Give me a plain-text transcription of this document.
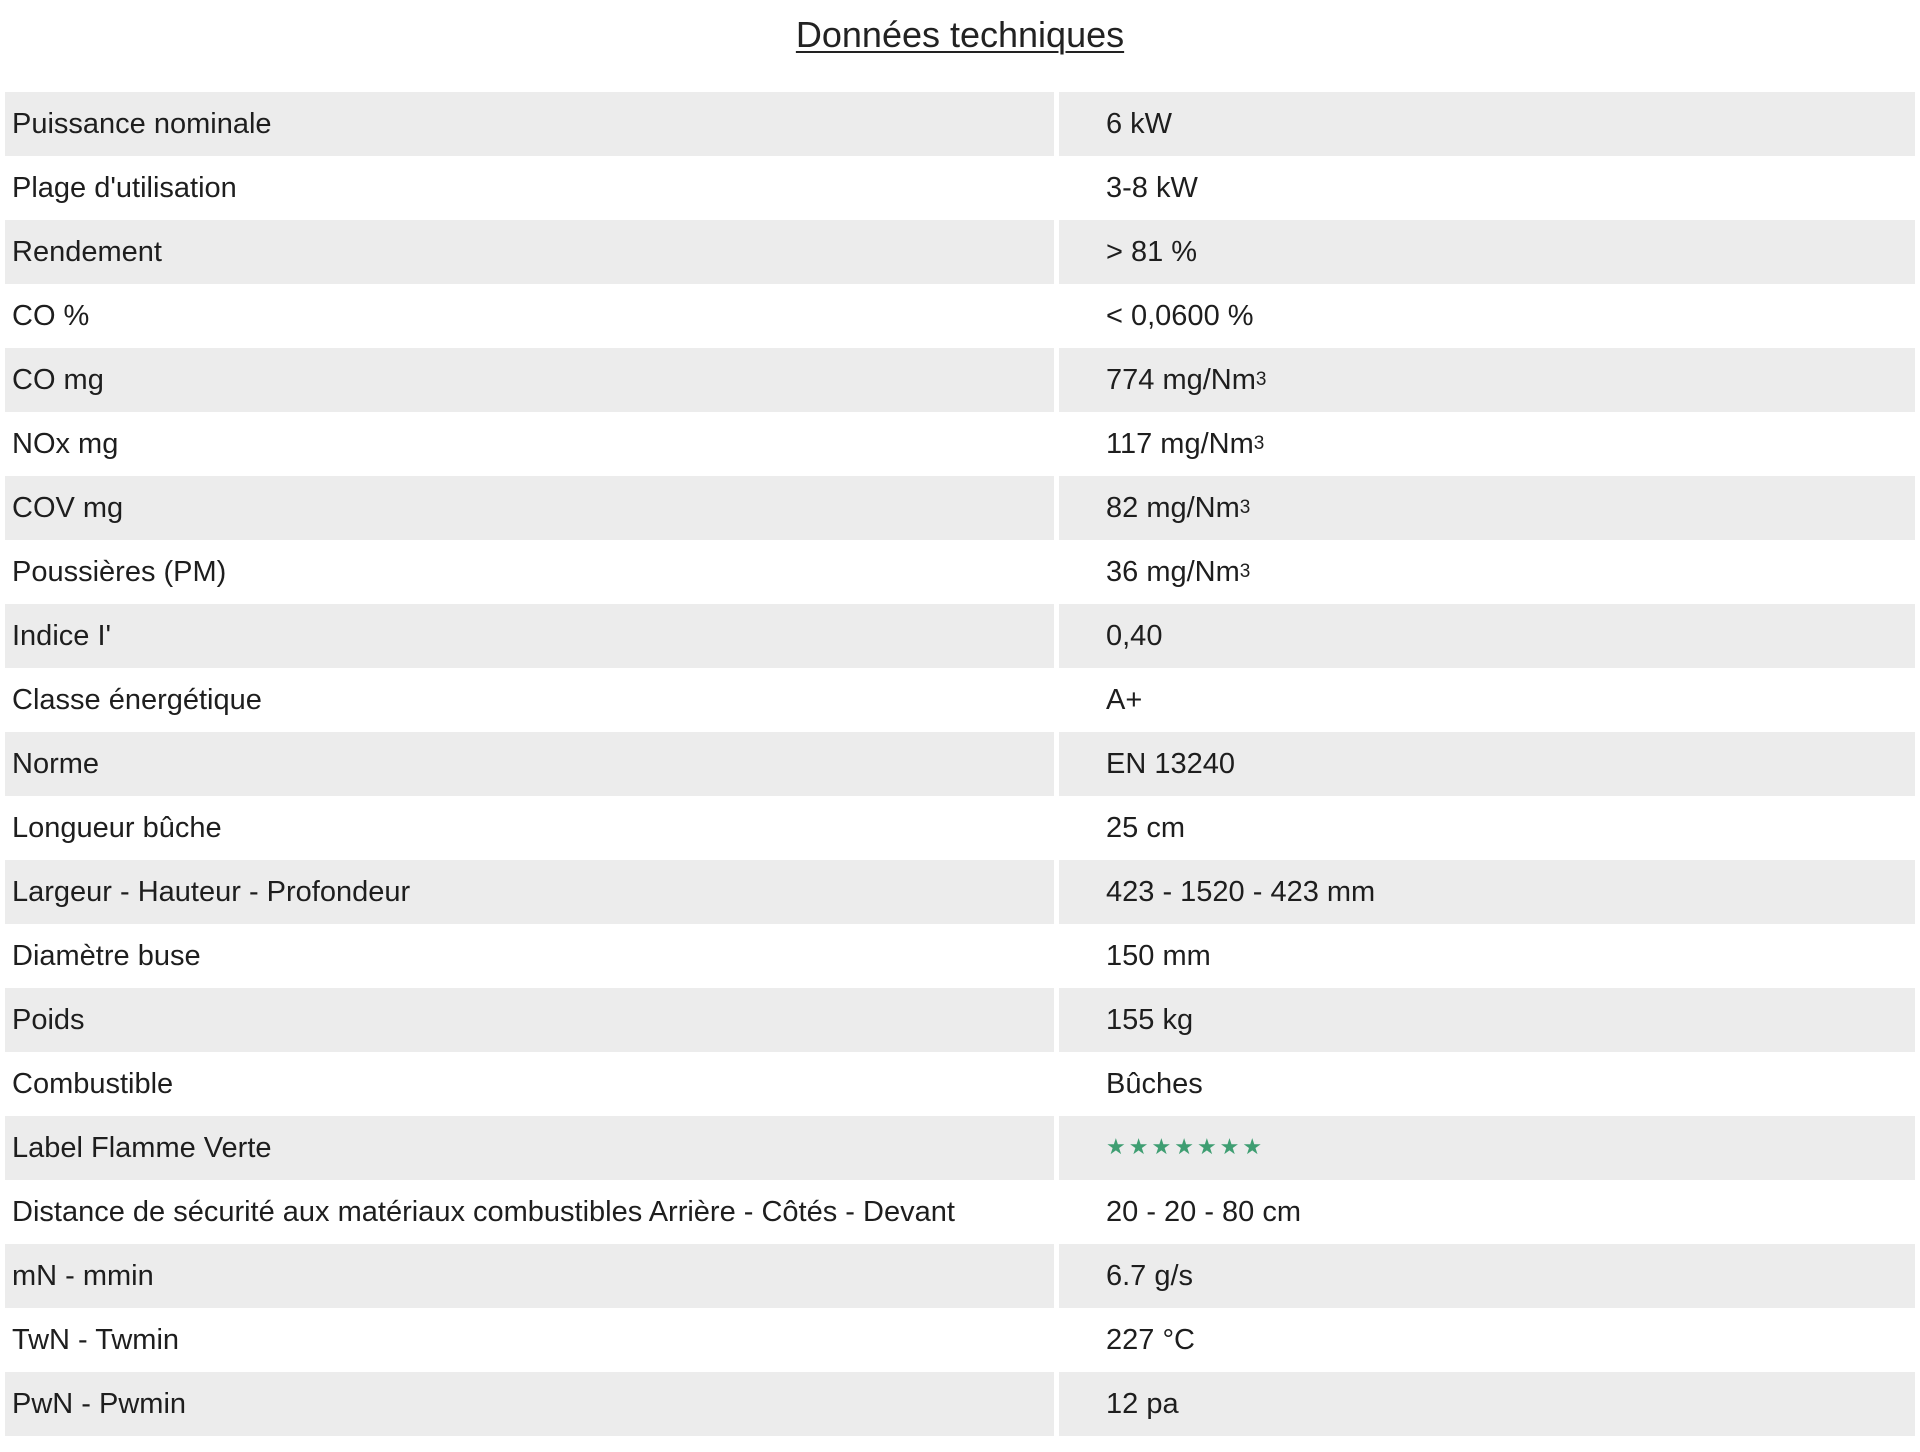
Données techniques
Puissance nominale	6 kW
Plage d'utilisation	3-8 kW
Rendement	> 81 %
CO %	< 0,0600 %
CO mg	774 mg/Nm 3
NOx mg	117 mg/Nm 3
COV mg	82 mg/Nm 3
Poussières (PM)	36 mg/Nm 3
Indice I'	0,40
Classe énergétique	A+
Norme	EN 13240
Longueur bûche	25 cm
Largeur - Hauteur - Profondeur	423 - 1520 - 423 mm
Diamètre buse	150 mm
Poids	155 kg
Combustible	Bûches
Label Flamme Verte	★ ★ ★ ★ ★ ★ ★
Distance de sécurité aux matériaux combustibles Arrière - Côtés - Devant	20 - 20 - 80 cm
mN - mmin	6.7 g/s
TwN - Twmin	227 °C
PwN - Pwmin	12 pa
